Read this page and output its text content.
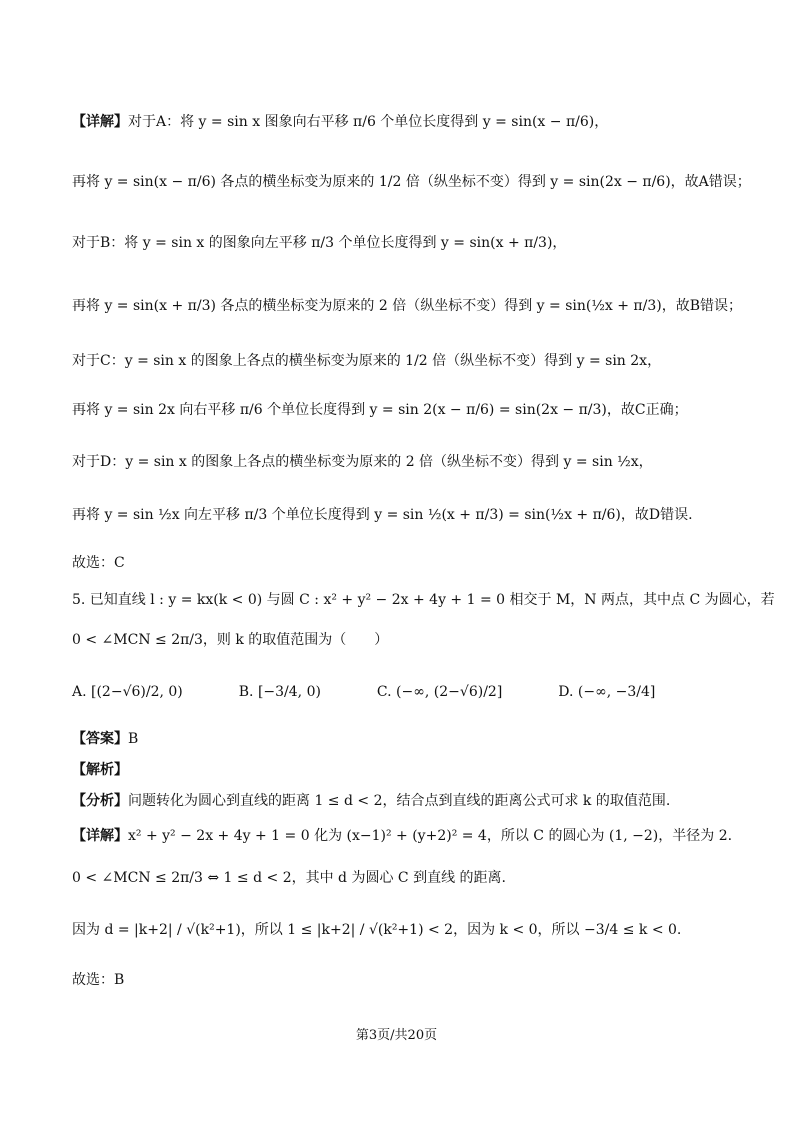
【详解】对于A：将 y = sin x 图象向右平移 π/6 个单位长度得到 y = sin(x − π/6)，
再将 y = sin(x − π/6) 各点的横坐标变为原来的 1/2 倍（纵坐标不变）得到 y = sin(2x − π/6)，故A错误；
对于B：将 y = sin x 的图象向左平移 π/3 个单位长度得到 y = sin(x + π/3)，
再将 y = sin(x + π/3) 各点的横坐标变为原来的 2 倍（纵坐标不变）得到 y = sin(½x + π/3)，故B错误；
对于C：y = sin x 的图象上各点的横坐标变为原来的 1/2 倍（纵坐标不变）得到 y = sin 2x，
再将 y = sin 2x 向右平移 π/6 个单位长度得到 y = sin 2(x − π/6) = sin(2x − π/3)，故C正确；
对于D：y = sin x 的图象上各点的横坐标变为原来的 2 倍（纵坐标不变）得到 y = sin ½x，
再将 y = sin ½x 向左平移 π/3 个单位长度得到 y = sin ½(x + π/3) = sin(½x + π/6)，故D错误.
故选：C
5. 已知直线 l : y = kx(k < 0) 与圆 C : x² + y² − 2x + 4y + 1 = 0 相交于 M，N 两点，其中点 C 为圆心，若
0 < ∠MCN ≤ 2π/3，则 k 的取值范围为（　　）
A. [(2−√6)/2, 0)　　　　B. [−3/4, 0)　　　　C. (−∞, (2−√6)/2]　　　　D. (−∞, −3/4]
【答案】B
【解析】
【分析】问题转化为圆心到直线的距离 1 ≤ d < 2，结合点到直线的距离公式可求 k 的取值范围.
【详解】x² + y² − 2x + 4y + 1 = 0 化为 (x−1)² + (y+2)² = 4，所以 C 的圆心为 (1, −2)，半径为 2.
0 < ∠MCN ≤ 2π/3 ⇔ 1 ≤ d < 2，其中 d 为圆心 C 到直线 的距离.
因为 d = |k+2| / √(k²+1)，所以 1 ≤ |k+2| / √(k²+1) < 2，因为 k < 0，所以 −3/4 ≤ k < 0.
故选：B
第3页/共20页
